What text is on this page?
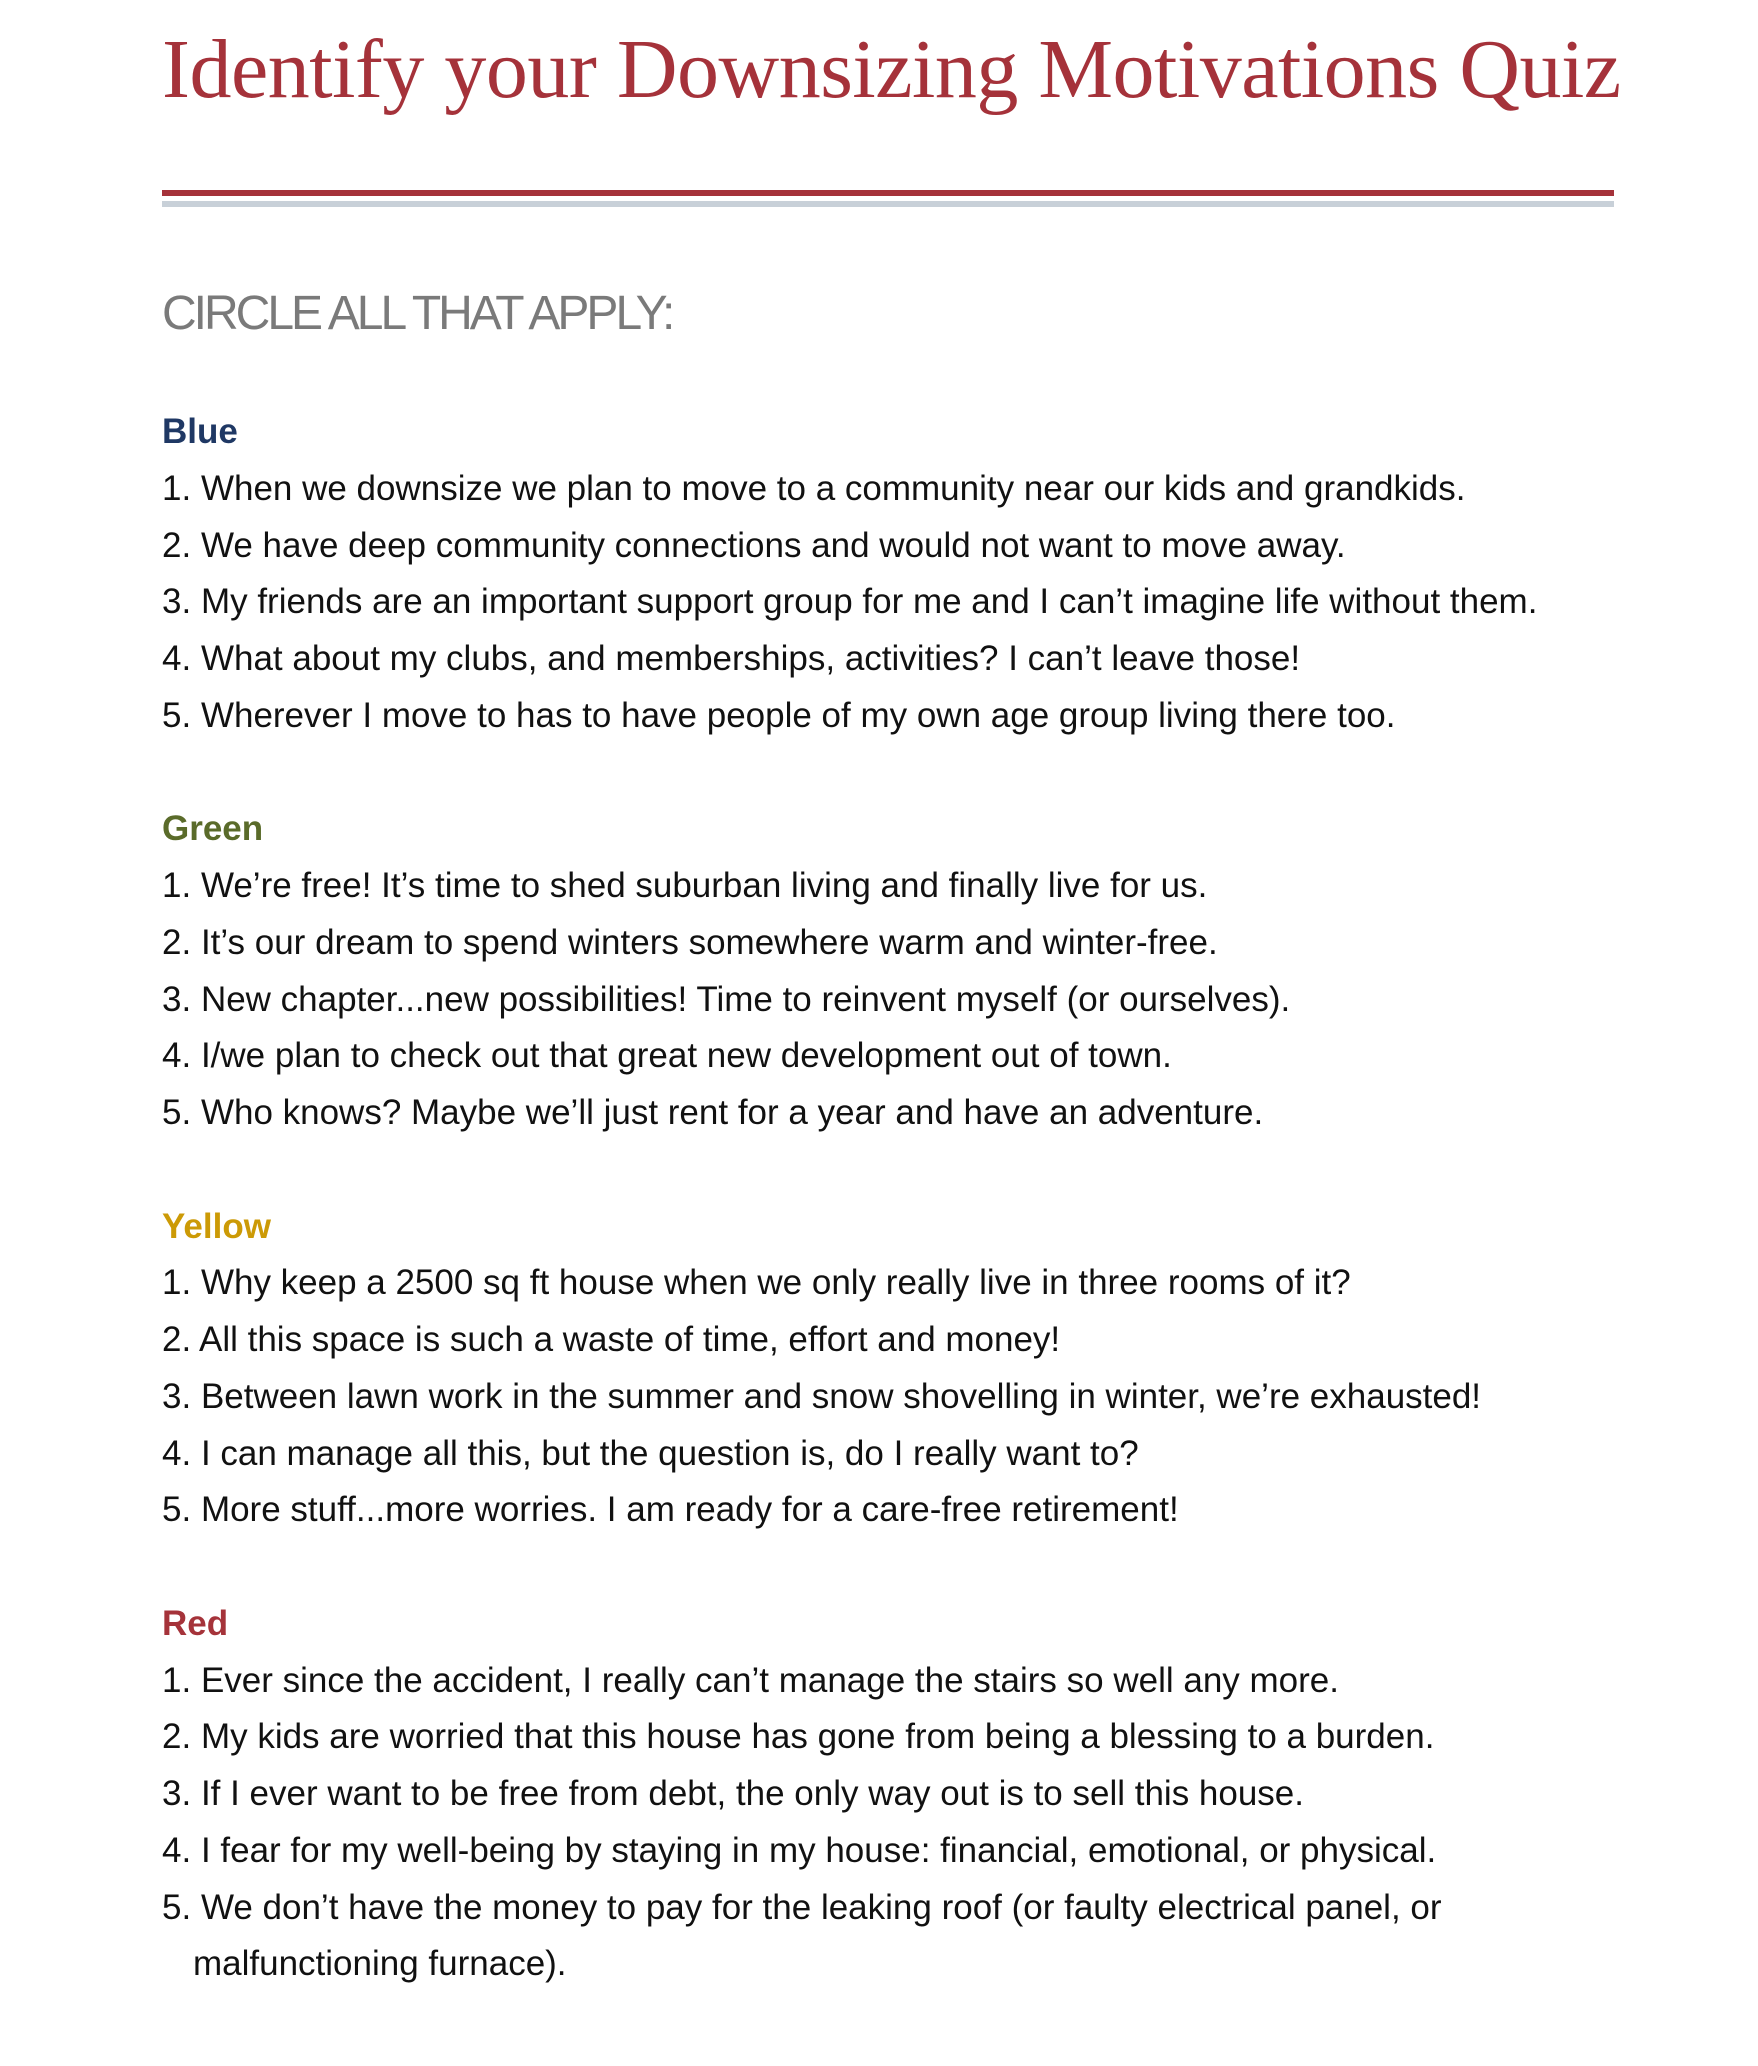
Identify your Downsizing Motivations Quiz

CIRCLE ALL THAT APPLY:

Blue
1. When we downsize we plan to move to a community near our kids and grandkids.
2. We have deep community connections and would not want to move away.
3. My friends are an important support group for me and I can’t imagine life without them.
4. What about my clubs, and memberships, activities? I can’t leave those!
5. Wherever I move to has to have people of my own age group living there too.
Green
1. We’re free! It’s time to shed suburban living and finally live for us.
2. It’s our dream to spend winters somewhere warm and winter-free.
3. New chapter...new possibilities! Time to reinvent myself (or ourselves).
4. I/we plan to check out that great new development out of town.
5. Who knows? Maybe we’ll just rent for a year and have an adventure.
Yellow
1. Why keep a 2500 sq ft house when we only really live in three rooms of it?
2. All this space is such a waste of time, effort and money!
3. Between lawn work in the summer and snow shovelling in winter, we’re exhausted!
4. I can manage all this, but the question is, do I really want to?
5. More stuff...more worries. I am ready for a care-free retirement!
Red
1. Ever since the accident, I really can’t manage the stairs so well any more.
2. My kids are worried that this house has gone from being a blessing to a burden.
3. If I ever want to be free from debt, the only way out is to sell this house.
4. I fear for my well-being by staying in my house: financial, emotional, or physical.
5. We don’t have the money to pay for the leaking roof (or faulty electrical panel, or malfunctioning furnace).
